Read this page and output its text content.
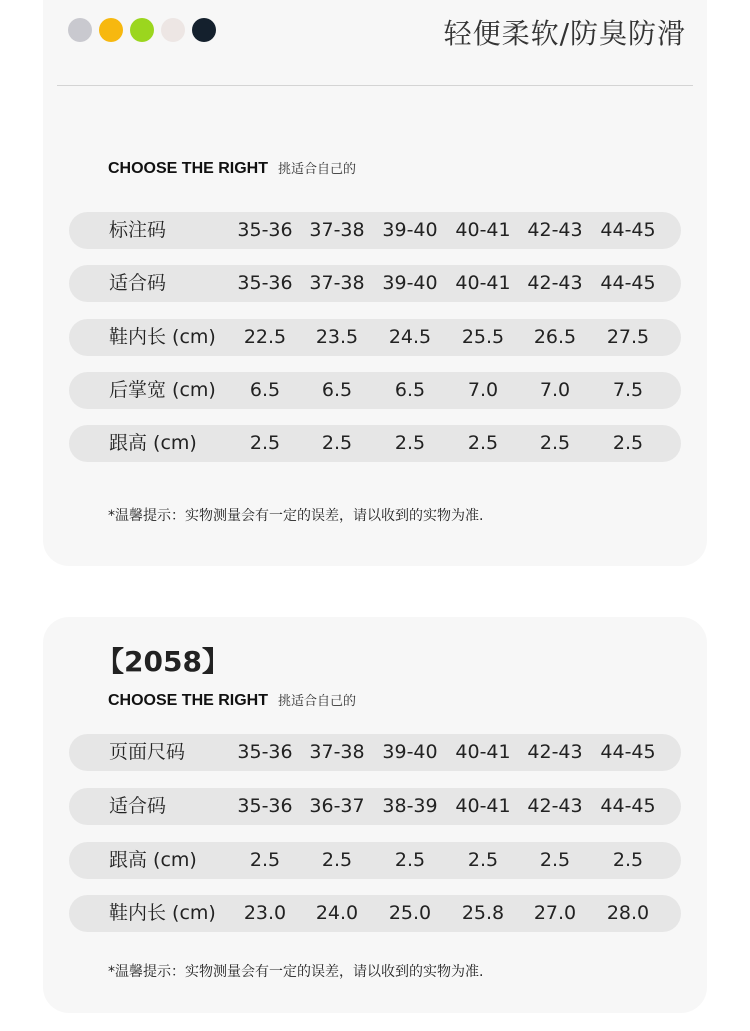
轻便柔软/防臭防滑
CHOOSE THE RIGHT 挑适合自己的
标注码	35-36 37-38 39-40 40-41 42-43 44-45
适合码	35-36 37-38 39-40 40-41 42-43 44-45
鞋内长 (cm)	22.5	23.5	24.5	25.5	26.5	27.5
后掌宽 (cm)	6.5	6.5	6.5	7.0	7.0	7.5
跟高 (cm)	2.5	2.5	2.5	2.5	2.5	2.5
*温馨提示：实物测量会有一定的误差，请以收到的实物为准.
【2058】
CHOOSE THE RIGHT 挑适合自己的
页面尺码	35-36 37-38 39-40 40-41 42-43 44-45
适合码	35-36 36-37 38-39 40-41 42-43 44-45
跟高 (cm)	2.5	2.5	2.5	2.5	2.5	2.5
鞋内长 (cm)	23.0	24.0	25.0	25.8	27.0	28.0
*温馨提示：实物测量会有一定的误差，请以收到的实物为准.
